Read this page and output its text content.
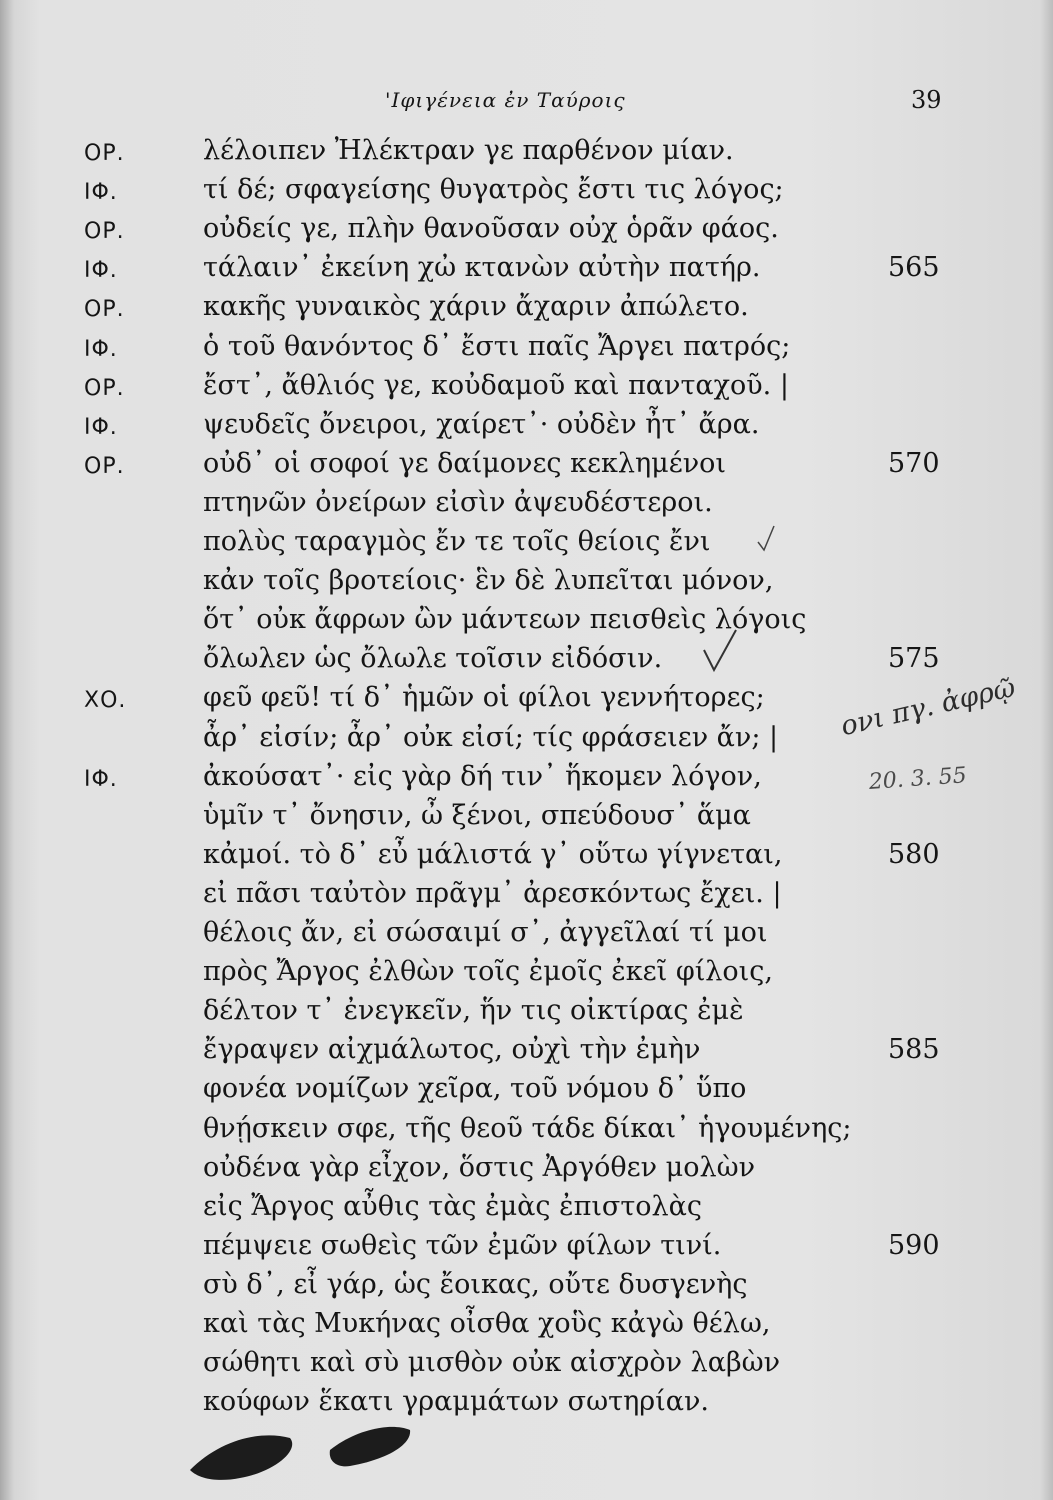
'Ιφιγένεια ἐν Ταύροις	39
ΟΡ.	λέλοιπεν Ἠλέκτραν γε παρθένον μίαν.
ΙΦ.	τί δέ; σφαγείσης θυγατρὸς ἔστι τις λόγος;
ΟΡ.	οὐδείς γε, πλὴν θανοῦσαν οὐχ ὁρᾶν φάος.
ΙΦ.	τάλαιν᾽ ἐκείνη χὠ κτανὼν αὐτὴν πατήρ.	565
ΟΡ.	κακῆς γυναικὸς χάριν ἄχαριν ἀπώλετο.
ΙΦ.	ὁ τοῦ θανόντος δ᾽ ἔστι παῖς Ἄργει πατρός;
ΟΡ.	ἔστ᾽, ἄθλιός γε, κοὐδαμοῦ καὶ πανταχοῦ. |
ΙΦ.	ψευδεῖς ὄνειροι, χαίρετ᾽· οὐδὲν ἦτ᾽ ἄρα.
ΟΡ.	οὐδ᾽ οἱ σοφοί γε δαίμονες κεκλημένοι	570
πτηνῶν ὀνείρων εἰσὶν ἀψευδέστεροι.
πολὺς ταραγμὸς ἔν τε τοῖς θείοις ἔνι
κἀν τοῖς βροτείοις· ἓν δὲ λυπεῖται μόνον,
ὅτ᾽ οὐκ ἄφρων ὢν μάντεων πεισθεὶς λόγοις
ὄλωλεν ὡς ὄλωλε τοῖσιν εἰδόσιν.	575
ΧΟ.	φεῦ φεῦ! τί δ᾽ ἡμῶν οἱ φίλοι γεννήτορες;
ἆρ᾽ εἰσίν; ἆρ᾽ οὐκ εἰσί; τίς φράσειεν ἄν; |
ΙΦ.	ἀκούσατ᾽· εἰς γὰρ δή τιν᾽ ἥκομεν λόγον,
ὑμῖν τ᾽ ὄνησιν, ὦ ξένοι, σπεύδουσ᾽ ἅμα
κἀμοί. τὸ δ᾽ εὖ μάλιστά γ᾽ οὕτω γίγνεται,	580
εἰ πᾶσι ταὐτὸν πρᾶγμ᾽ ἀρεσκόντως ἔχει. |
θέλοις ἄν, εἰ σώσαιμί σ᾽, ἀγγεῖλαί τί μοι
πρὸς Ἄργος ἐλθὼν τοῖς ἐμοῖς ἐκεῖ φίλοις,
δέλτον τ᾽ ἐνεγκεῖν, ἥν τις οἰκτίρας ἐμὲ
ἔγραψεν αἰχμάλωτος, οὐχὶ τὴν ἐμὴν	585
φονέα νομίζων χεῖρα, τοῦ νόμου δ᾽ ὕπο
θνῄσκειν σφε, τῆς θεοῦ τάδε δίκαι᾽ ἡγουμένης;
οὐδένα γὰρ εἶχον, ὅστις Ἀργόθεν μολὼν
εἰς Ἄργος αὖθις τὰς ἐμὰς ἐπιστολὰς
πέμψειε σωθεὶς τῶν ἐμῶν φίλων τινί.	590
σὺ δ᾽, εἶ γάρ, ὡς ἔοικας, οὔτε δυσγενὴς
καὶ τὰς Μυκήνας οἶσθα χοὓς κἀγὼ θέλω,
σώθητι καὶ σὺ μισθὸν οὐκ αἰσχρὸν λαβὼν
κούφων ἕκατι γραμμάτων σωτηρίαν.
ονι πγ. ἀφρῷ
20. 3. 55
